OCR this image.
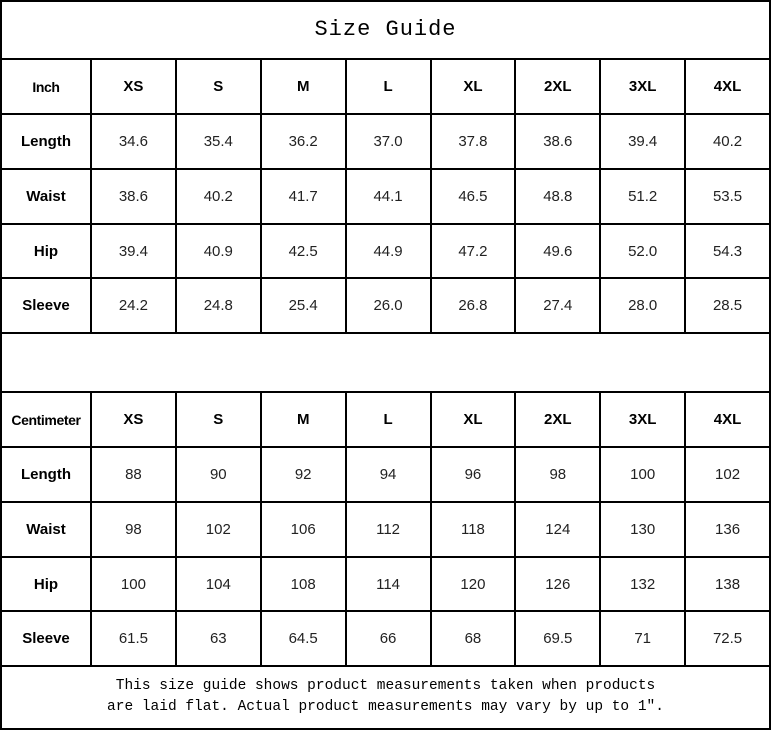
Size Guide								
Inch	XS	S	M	L	XL	2XL	3XL	4XL
Length	34.6	35.4	36.2	37.0	37.8	38.6	39.4	40.2
Waist	38.6	40.2	41.7	44.1	46.5	48.8	51.2	53.5
Hip	39.4	40.9	42.5	44.9	47.2	49.6	52.0	54.3
Sleeve	24.2	24.8	25.4	26.0	26.8	27.4	28.0	28.5

Centimeter	XS	S	M	L	XL	2XL	3XL	4XL
Length	88	90	92	94	96	98	100	102
Waist	98	102	106	112	118	124	130	136
Hip	100	104	108	114	120	126	132	138
Sleeve	61.5	63	64.5	66	68	69.5	71	72.5

This size guide shows product measurements taken when products
are laid flat. Actual product measurements may vary by up to 1″.								
